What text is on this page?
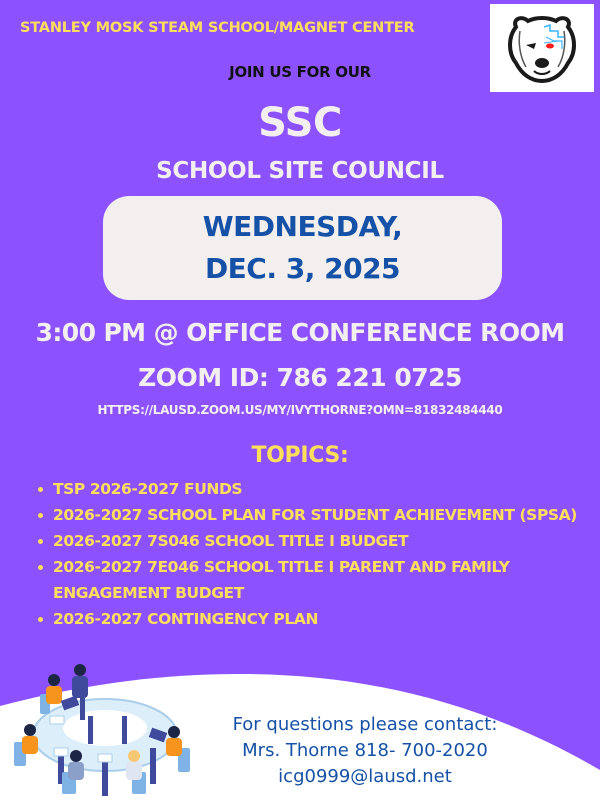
STANLEY MOSK STEAM SCHOOL/MAGNET CENTER
JOIN US FOR OUR
SSC
SCHOOL SITE COUNCIL
WEDNESDAY,
DEC. 3, 2025
3:00 PM @ OFFICE CONFERENCE ROOM
ZOOM ID: 786 221 0725
HTTPS://LAUSD.ZOOM.US/MY/IVYTHORNE?OMN=81832484440
TOPICS:
TSP 2026-2027 FUNDS
2026-2027 SCHOOL PLAN FOR STUDENT ACHIEVEMENT (SPSA)
2026-2027 7S046 SCHOOL TITLE I BUDGET
2026-2027 7E046 SCHOOL TITLE I PARENT AND FAMILY ENGAGEMENT BUDGET
2026-2027 CONTINGENCY PLAN
For questions please contact:
Mrs. Thorne 818- 700-2020
icg0999@lausd.net
